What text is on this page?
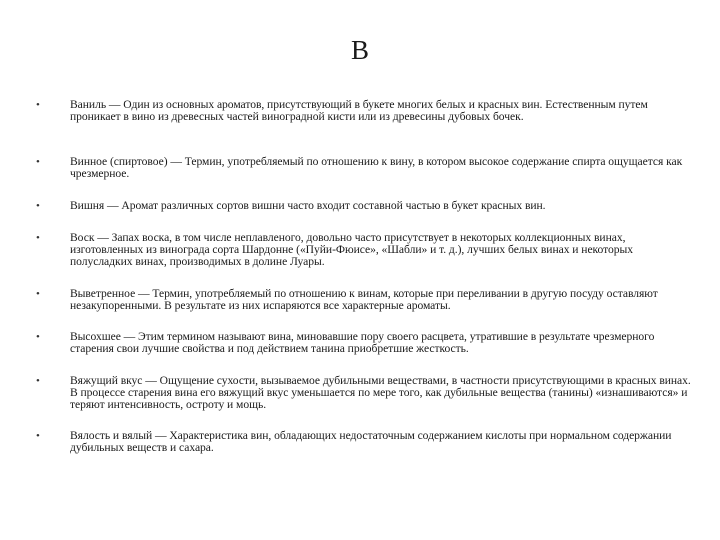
В
•	Ваниль — Один из основных ароматов, присутствующий в букете многих белых и красных вин. Естественным путем проникает в вино из древесных частей виноградной кисти или из древесины дубовых бочек.
•	Винное (спиртовое) — Термин, употребляемый по отношению к вину, в котором высокое содержание спирта ощущается как чрезмерное.
•	Вишня — Аромат различных сортов вишни часто входит составной частью в букет красных вин.
•	Воск — Запах воска, в том числе неплавленого, довольно часто присутствует в некоторых коллекционных винах, изготовленных из винограда сорта Шардонне («Пуйи-Фюисе», «Шабли» и т. д.), лучших белых винах и некоторых полусладких винах, производимых в долине Луары.
•	Выветренное — Термин, употребляемый по отношению к винам, которые при переливании в другую посуду оставляют незакупоренными. В результате из них испаряются все характерные ароматы.
•	Высохшее — Этим термином называют вина, миновавшие пору своего расцвета, утратившие в результате чрезмерного старения свои лучшие свойства и под действием танина приобретшие жесткость.
•	Вяжущий вкус — Ощущение сухости, вызываемое дубильными веществами, в частности присутствующими в красных винах. В процессе старения вина его вяжущий вкус уменьшается по мере того, как дубильные вещества (танины) «изнашиваются» и теряют интенсивность, остроту и мощь.
•	Вялость и вялый — Характеристика вин, обладающих недостаточным содержанием кислоты при нормальном содержании дубильных веществ и сахара.
